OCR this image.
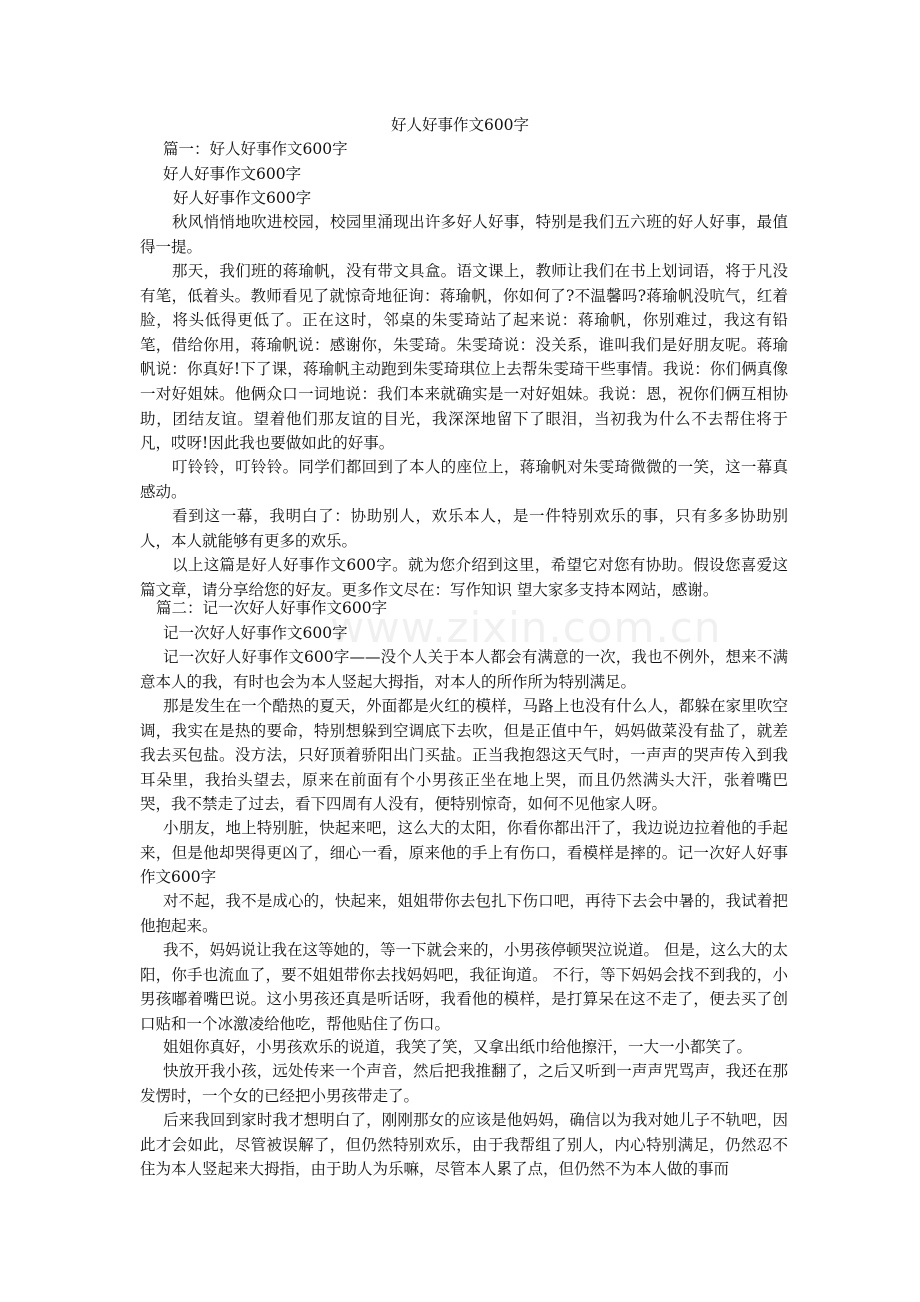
www.zixin.com.cn
好人好事作文600字
篇一：好人好事作文600字
好人好事作文600字
好人好事作文600字
秋风悄悄地吹进校园，校园里涌现出许多好人好事，特别是我们五六班的好人好事，最值得一提。
那天，我们班的蒋瑜帆，没有带文具盒。语文课上，教师让我们在书上划词语，将于凡没有笔，低着头。教师看见了就惊奇地征询：蒋瑜帆，你如何了?不温馨吗?蒋瑜帆没吭气，红着脸，将头低得更低了。正在这时，邻桌的朱雯琦站了起来说：蒋瑜帆，你别难过，我这有铅笔，借给你用，蒋瑜帆说：感谢你，朱雯琦。朱雯琦说：没关系，谁叫我们是好朋友呢。蒋瑜帆说：你真好!下了课，蒋瑜帆主动跑到朱雯琦琪位上去帮朱雯琦干些事情。我说：你们俩真像一对好姐妹。他俩众口一词地说：我们本来就确实是一对好姐妹。我说：恩，祝你们俩互相协助，团结友谊。望着他们那友谊的目光，我深深地留下了眼泪，当初我为什么不去帮住将于凡，哎呀!因此我也要做如此的好事。
叮铃铃，叮铃铃。同学们都回到了本人的座位上，蒋瑜帆对朱雯琦微微的一笑，这一幕真感动。
看到这一幕，我明白了：协助别人，欢乐本人，是一件特别欢乐的事，只有多多协助别人，本人就能够有更多的欢乐。
以上这篇是好人好事作文600字。就为您介绍到这里，希望它对您有协助。假设您喜爱这篇文章，请分享给您的好友。更多作文尽在：写作知识 望大家多支持本网站，感谢。
篇二：记一次好人好事作文600字
记一次好人好事作文600字
记一次好人好事作文600字——没个人关于本人都会有满意的一次，我也不例外，想来不满意本人的我，有时也会为本人竖起大拇指，对本人的所作所为特别满足。
那是发生在一个酷热的夏天，外面都是火红的模样，马路上也没有什么人，都躲在家里吹空调，我实在是热的要命，特别想躲到空调底下去吹，但是正值中午，妈妈做菜没有盐了，就差我去买包盐。没方法，只好顶着骄阳出门买盐。正当我抱怨这天气时，一声声的哭声传入到我耳朵里，我抬头望去，原来在前面有个小男孩正坐在地上哭，而且仍然满头大汗，张着嘴巴哭，我不禁走了过去，看下四周有人没有，便特别惊奇，如何不见他家人呀。
小朋友，地上特别脏，快起来吧，这么大的太阳，你看你都出汗了，我边说边拉着他的手起来，但是他却哭得更凶了，细心一看，原来他的手上有伤口，看模样是摔的。记一次好人好事作文600字
对不起，我不是成心的，快起来，姐姐带你去包扎下伤口吧，再待下去会中暑的，我试着把他抱起来。
我不，妈妈说让我在这等她的，等一下就会来的，小男孩停顿哭泣说道。 但是，这么大的太阳，你手也流血了，要不姐姐带你去找妈妈吧，我征询道。 不行，等下妈妈会找不到我的，小男孩嘟着嘴巴说。这小男孩还真是听话呀，我看他的模样，是打算呆在这不走了，便去买了创口贴和一个冰激凌给他吃，帮他贴住了伤口。
姐姐你真好，小男孩欢乐的说道，我笑了笑，又拿出纸巾给他擦汗，一大一小都笑了。
快放开我小孩，远处传来一个声音，然后把我推翻了，之后又听到一声声咒骂声，我还在那发愣时，一个女的已经把小男孩带走了。
后来我回到家时我才想明白了，刚刚那女的应该是他妈妈，确信以为我对她儿子不轨吧，因此才会如此，尽管被误解了，但仍然特别欢乐，由于我帮组了别人，内心特别满足，仍然忍不住为本人竖起来大拇指，由于助人为乐嘛，尽管本人累了点，但仍然不为本人做的事而
